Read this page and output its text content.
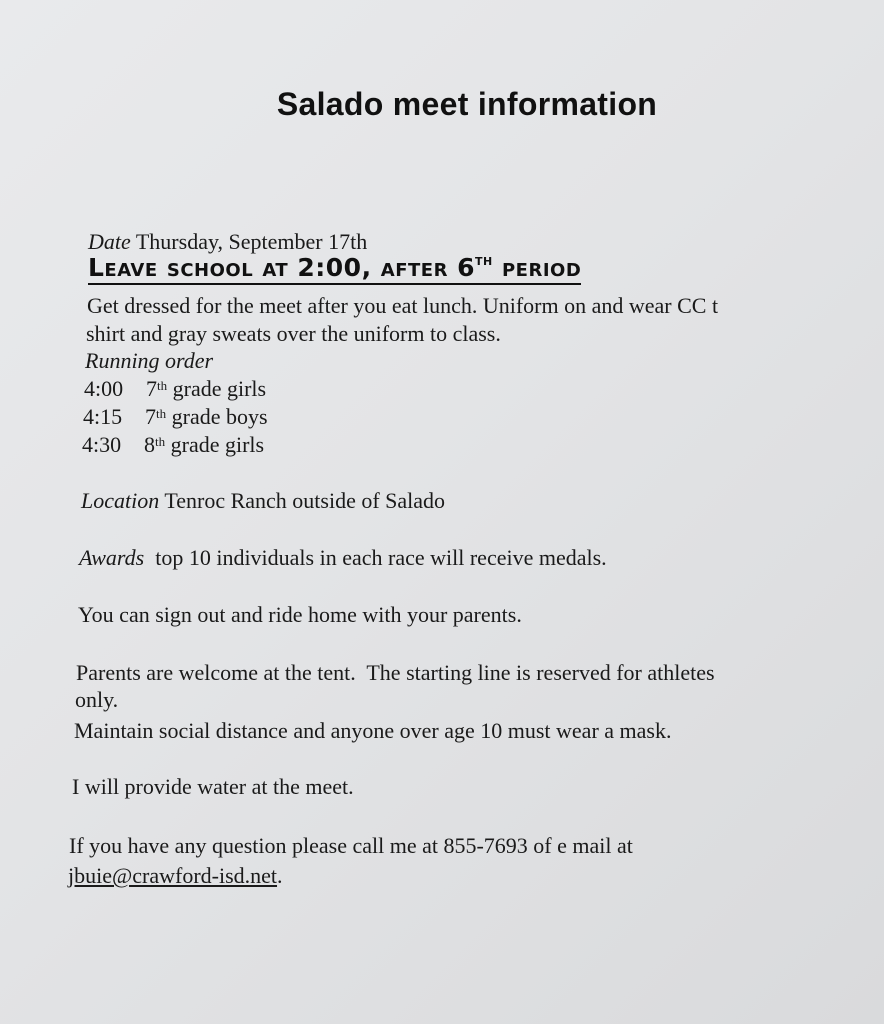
Salado meet information
Date Thursday, September 17th
Leave school at 2:00, after 6th period
Get dressed for the meet after you eat lunch. Uniform on and wear CC t
shirt and gray sweats over the uniform to class.
Running order
4:00 7th grade girls
4:15 7th grade boys
4:30 8th grade girls
Location Tenroc Ranch outside of Salado
Awards  top 10 individuals in each race will receive medals.
You can sign out and ride home with your parents.
Parents are welcome at the tent.  The starting line is reserved for athletes
only.
Maintain social distance and anyone over age 10 must wear a mask.
I will provide water at the meet.
If you have any question please call me at 855-7693 of e mail at
jbuie@crawford-isd.net.
